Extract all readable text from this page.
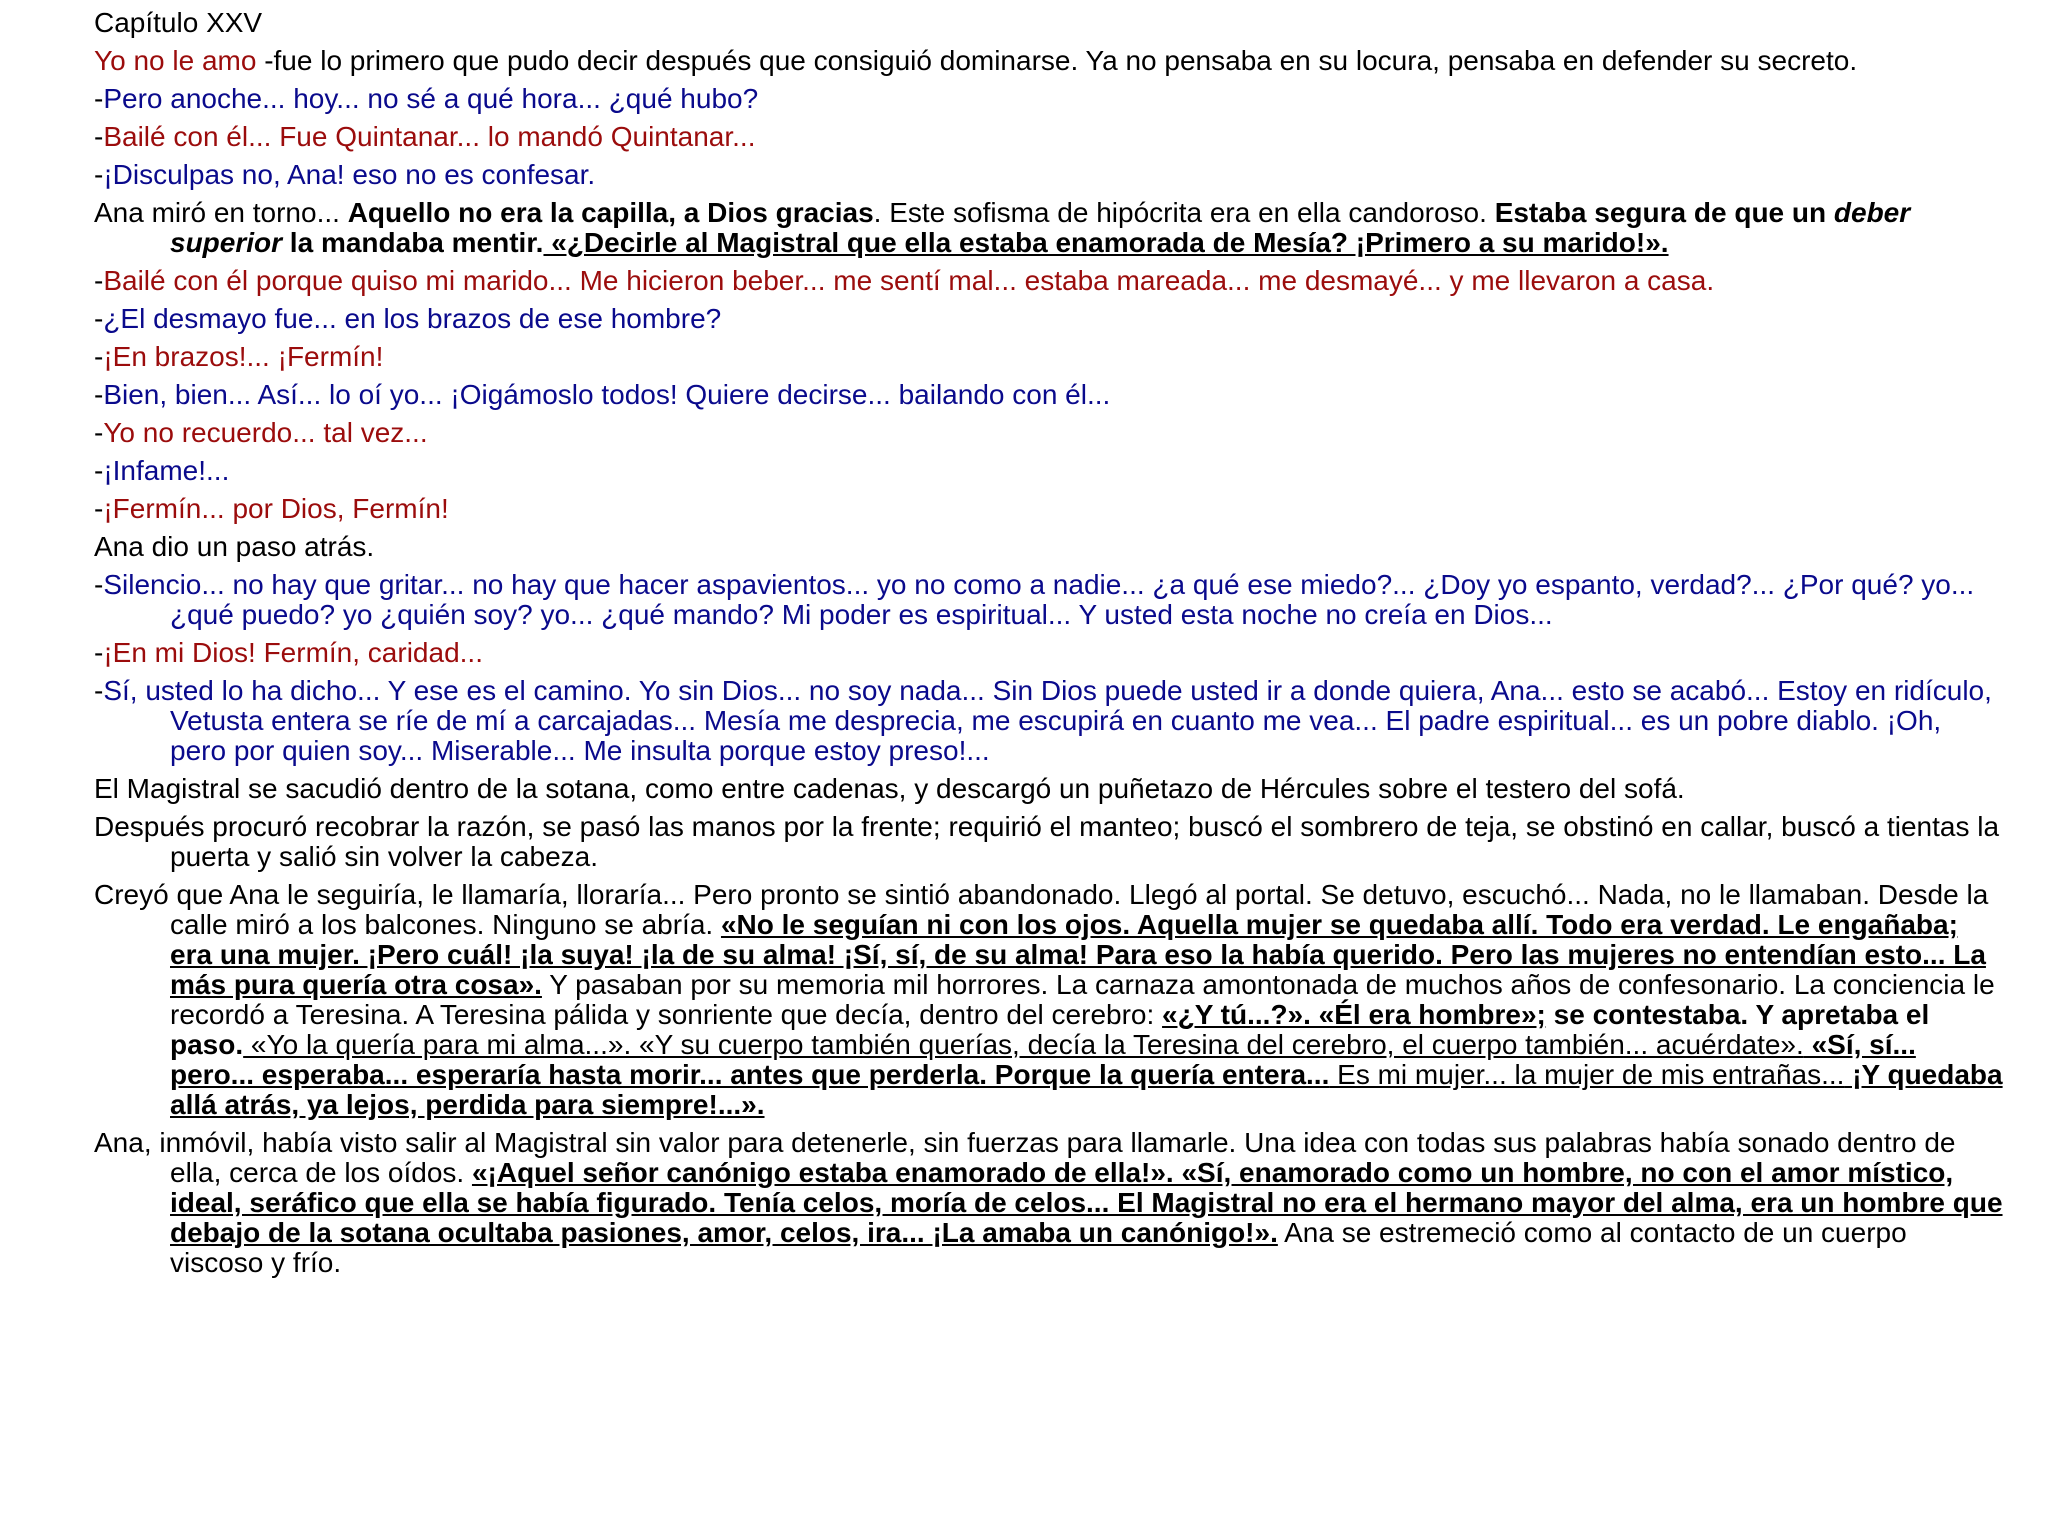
Capítulo XXV
Yo no le amo -fue lo primero que pudo decir después que consiguió dominarse. Ya no pensaba en su locura, pensaba en defender su secreto.
-Pero anoche... hoy... no sé a qué hora... ¿qué hubo?
-Bailé con él... Fue Quintanar... lo mandó Quintanar...
-¡Disculpas no, Ana! eso no es confesar.
Ana miró en torno... Aquello no era la capilla, a Dios gracias. Este sofisma de hipócrita era en ella candoroso. Estaba segura de que un deber superior la mandaba mentir. «¿Decirle al Magistral que ella estaba enamorada de Mesía? ¡Primero a su marido!».
-Bailé con él porque quiso mi marido... Me hicieron beber... me sentí mal... estaba mareada... me desmayé... y me llevaron a casa.
-¿El desmayo fue... en los brazos de ese hombre?
-¡En brazos!... ¡Fermín!
-Bien, bien... Así... lo oí yo... ¡Oigámoslo todos! Quiere decirse... bailando con él...
-Yo no recuerdo... tal vez...
-¡Infame!...
-¡Fermín... por Dios, Fermín!
Ana dio un paso atrás.
-Silencio... no hay que gritar... no hay que hacer aspavientos... yo no como a nadie... ¿a qué ese miedo?... ¿Doy yo espanto, verdad?... ¿Por qué? yo... ¿qué puedo? yo ¿quién soy? yo... ¿qué mando? Mi poder es espiritual... Y usted esta noche no creía en Dios...
-¡En mi Dios! Fermín, caridad...
-Sí, usted lo ha dicho... Y ese es el camino. Yo sin Dios... no soy nada... Sin Dios puede usted ir a donde quiera, Ana... esto se acabó... Estoy en ridículo, Vetusta entera se ríe de mí a carcajadas... Mesía me desprecia, me escupirá en cuanto me vea... El padre espiritual... es un pobre diablo. ¡Oh, pero por quien soy... Miserable... Me insulta porque estoy preso!...
El Magistral se sacudió dentro de la sotana, como entre cadenas, y descargó un puñetazo de Hércules sobre el testero del sofá.
Después procuró recobrar la razón, se pasó las manos por la frente; requirió el manteo; buscó el sombrero de teja, se obstinó en callar, buscó a tientas la puerta y salió sin volver la cabeza.
Creyó que Ana le seguiría, le llamaría, lloraría... Pero pronto se sintió abandonado. Llegó al portal. Se detuvo, escuchó... Nada, no le llamaban. Desde la calle miró a los balcones. Ninguno se abría. «No le seguían ni con los ojos. Aquella mujer se quedaba allí. Todo era verdad. Le engañaba; era una mujer. ¡Pero cuál! ¡la suya! ¡la de su alma! ¡Sí, sí, de su alma! Para eso la había querido. Pero las mujeres no entendían esto... La más pura quería otra cosa». Y pasaban por su memoria mil horrores. La carnaza amontonada de muchos años de confesonario. La conciencia le recordó a Teresina. A Teresina pálida y sonriente que decía, dentro del cerebro: «¿Y tú...?». «Él era hombre»; se contestaba. Y apretaba el paso. «Yo la quería para mi alma...». «Y su cuerpo también querías, decía la Teresina del cerebro, el cuerpo también... acuérdate». «Sí, sí... pero... esperaba... esperaría hasta morir... antes que perderla. Porque la quería entera... Es mi mujer... la mujer de mis entrañas... ¡Y quedaba allá atrás, ya lejos, perdida para siempre!...».
Ana, inmóvil, había visto salir al Magistral sin valor para detenerle, sin fuerzas para llamarle. Una idea con todas sus palabras había sonado dentro de ella, cerca de los oídos. «¡Aquel señor canónigo estaba enamorado de ella!». «Sí, enamorado como un hombre, no con el amor místico, ideal, seráfico que ella se había figurado. Tenía celos, moría de celos... El Magistral no era el hermano mayor del alma, era un hombre que debajo de la sotana ocultaba pasiones, amor, celos, ira... ¡La amaba un canónigo!». Ana se estremeció como al contacto de un cuerpo viscoso y frío.
